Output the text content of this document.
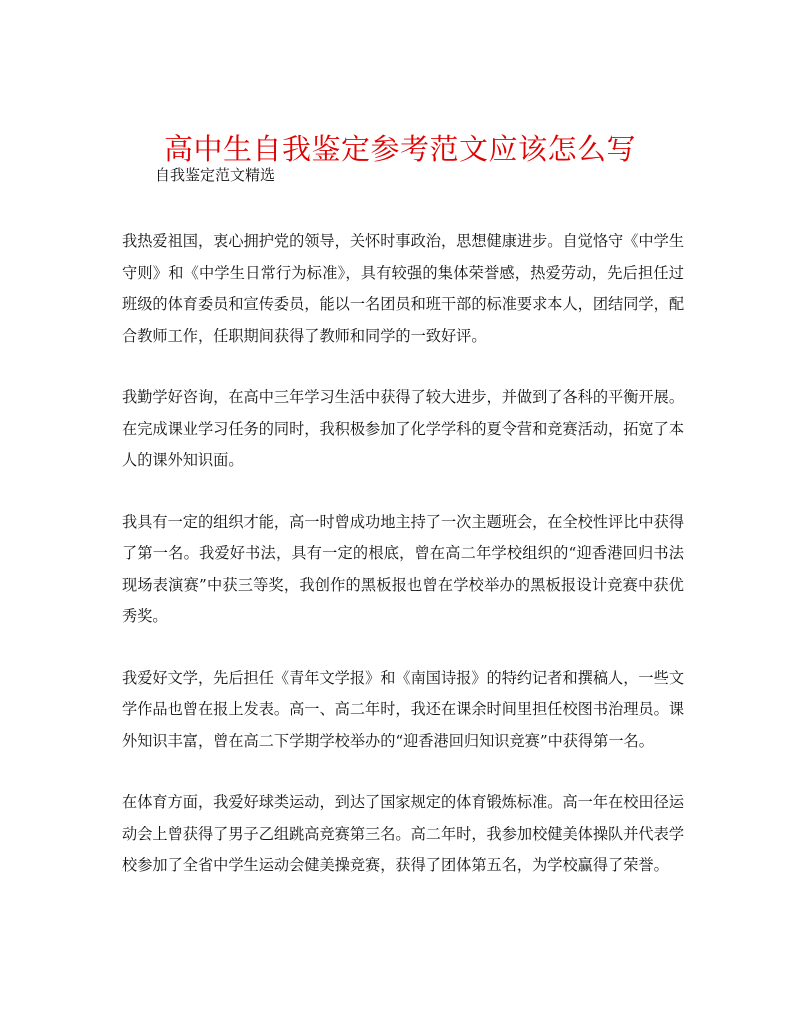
高中生自我鉴定参考范文应该怎么写
自我鉴定范文精选

我热爱祖国，衷心拥护党的领导，关怀时事政治，思想健康进步。自觉恪守《中学生守则》和《中学生日常行为标准》，具有较强的集体荣誉感，热爱劳动，先后担任过班级的体育委员和宣传委员，能以一名团员和班干部的标准要求本人，团结同学，配合教师工作，任职期间获得了教师和同学的一致好评。

我勤学好咨询，在高中三年学习生活中获得了较大进步，并做到了各科的平衡开展。在完成课业学习任务的同时，我积极参加了化学学科的夏令营和竞赛活动，拓宽了本人的课外知识面。

我具有一定的组织才能，高一时曾成功地主持了一次主题班会，在全校性评比中获得了第一名。我爱好书法，具有一定的根底，曾在高二年学校组织的“迎香港回归书法现场表演赛”中获三等奖，我创作的黑板报也曾在学校举办的黑板报设计竞赛中获优秀奖。

我爱好文学，先后担任《青年文学报》和《南国诗报》的特约记者和撰稿人，一些文学作品也曾在报上发表。高一、高二年时，我还在课余时间里担任校图书治理员。课外知识丰富，曾在高二下学期学校举办的“迎香港回归知识竞赛”中获得第一名。

在体育方面，我爱好球类运动，到达了国家规定的体育锻炼标准。高一年在校田径运动会上曾获得了男子乙组跳高竞赛第三名。高二年时，我参加校健美体操队并代表学校参加了全省中学生运动会健美操竞赛，获得了团体第五名，为学校赢得了荣誉。
